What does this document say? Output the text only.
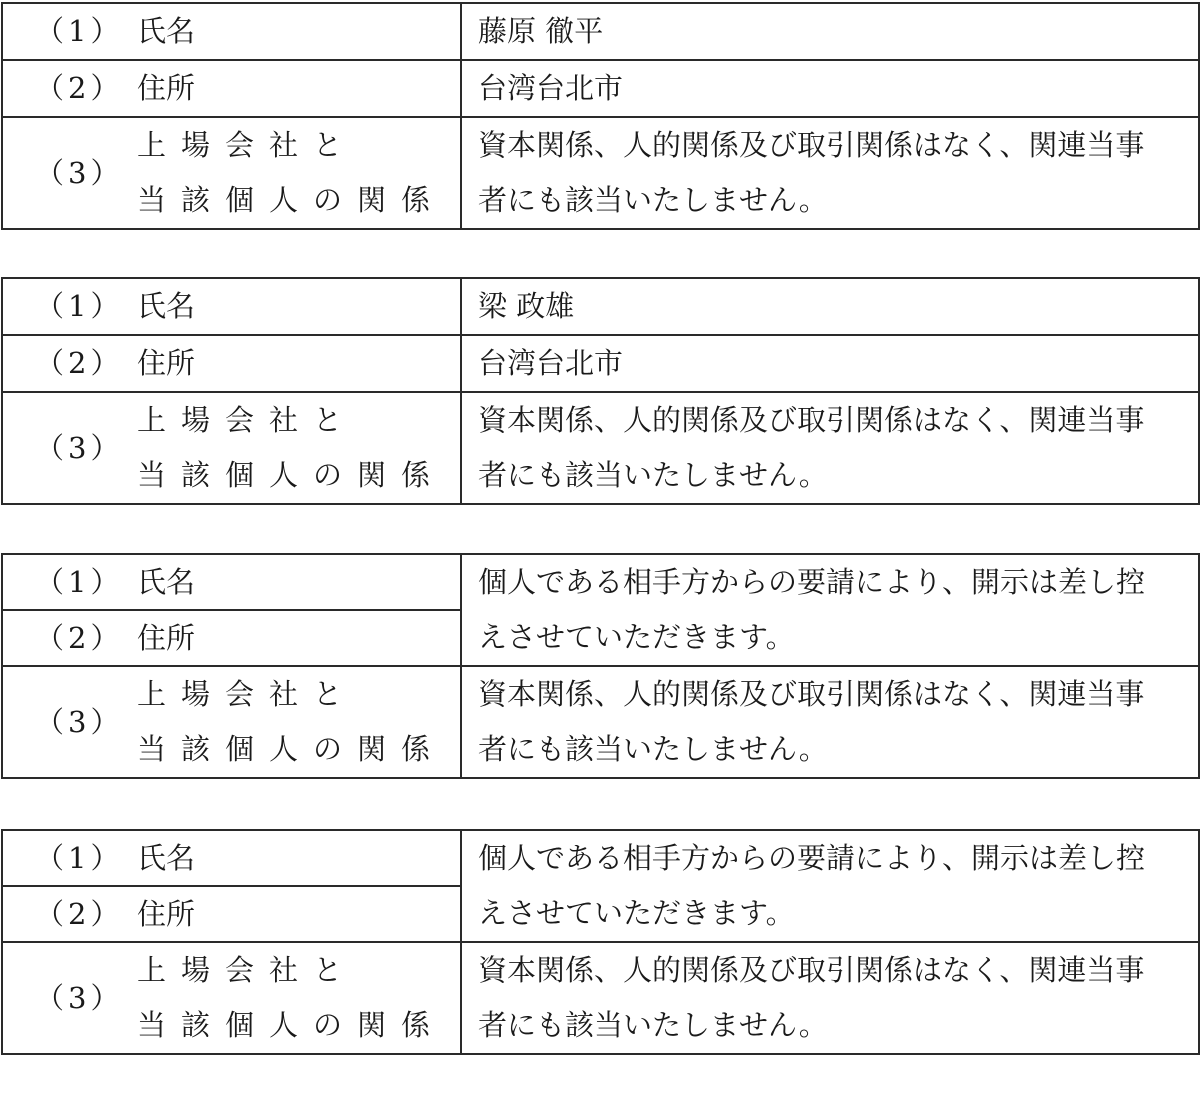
（1） 氏名	藤原 徹平

（2） 住所	台湾台北市

（3）
上場会社と
当該個人の関係	資本関係、人的関係及び取引関係はなく、関連当事
者にも該当いたしません。
（1） 氏名	梁 政雄

（2） 住所	台湾台北市

（3）
上場会社と
当該個人の関係	資本関係、人的関係及び取引関係はなく、関連当事
者にも該当いたしません。
（1） 氏名	個人である相手方からの要請により、開示は差し控
えさせていただきます。

（2） 住所	

（3）
上場会社と
当該個人の関係	資本関係、人的関係及び取引関係はなく、関連当事
者にも該当いたしません。
（1） 氏名	個人である相手方からの要請により、開示は差し控
えさせていただきます。

（2） 住所	

（3）
上場会社と
当該個人の関係	資本関係、人的関係及び取引関係はなく、関連当事
者にも該当いたしません。
